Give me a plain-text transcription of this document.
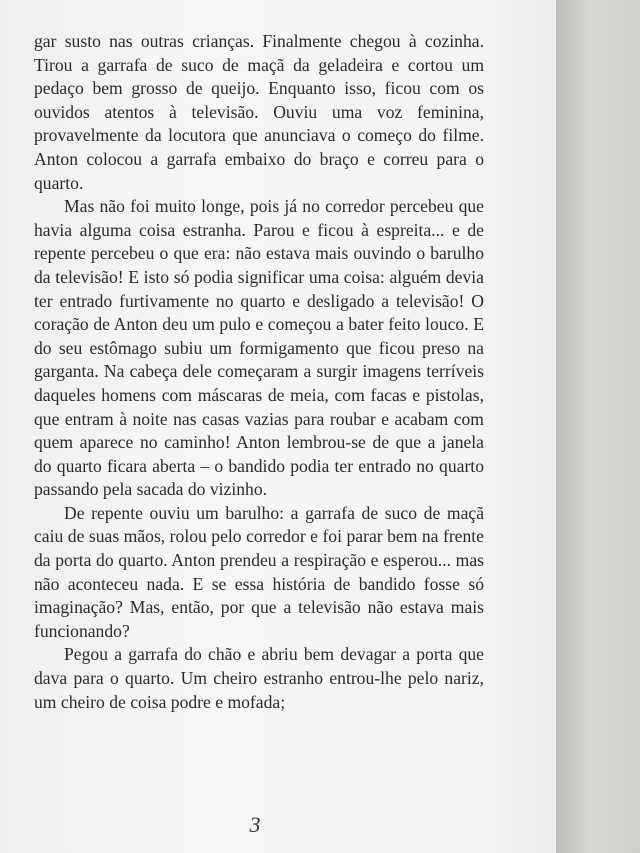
gar susto nas outras crianças. Finalmente chegou à cozinha. Tirou a garrafa de suco de maçã da geladeira e cortou um pedaço bem grosso de queijo. Enquanto isso, ficou com os ouvidos atentos à televisão. Ouviu uma voz feminina, provavelmente da locutora que anunciava o começo do filme. Anton colocou a garrafa embaixo do braço e correu para o quarto.

Mas não foi muito longe, pois já no corredor percebeu que havia alguma coisa estranha. Parou e ficou à espreita... e de repente percebeu o que era: não estava mais ouvindo o barulho da televisão! E isto só podia significar uma coisa: alguém devia ter entrado furtivamente no quarto e desligado a televisão! O coração de Anton deu um pulo e começou a bater feito louco. E do seu estômago subiu um formigamento que ficou preso na garganta. Na cabeça dele começaram a surgir imagens terríveis daqueles homens com máscaras de meia, com facas e pistolas, que entram à noite nas casas vazias para roubar e acabam com quem aparece no caminho! Anton lembrou-se de que a janela do quarto ficara aberta – o bandido podia ter entrado no quarto passando pela sacada do vizinho.

De repente ouviu um barulho: a garrafa de suco de maçã caiu de suas mãos, rolou pelo corredor e foi parar bem na frente da porta do quarto. Anton prendeu a respiração e esperou... mas não aconteceu nada. E se essa história de bandido fosse só imaginação? Mas, então, por que a televisão não estava mais funcionando?

Pegou a garrafa do chão e abriu bem devagar a porta que dava para o quarto. Um cheiro estranho entrou-lhe pelo nariz, um cheiro de coisa podre e mofada;

3
